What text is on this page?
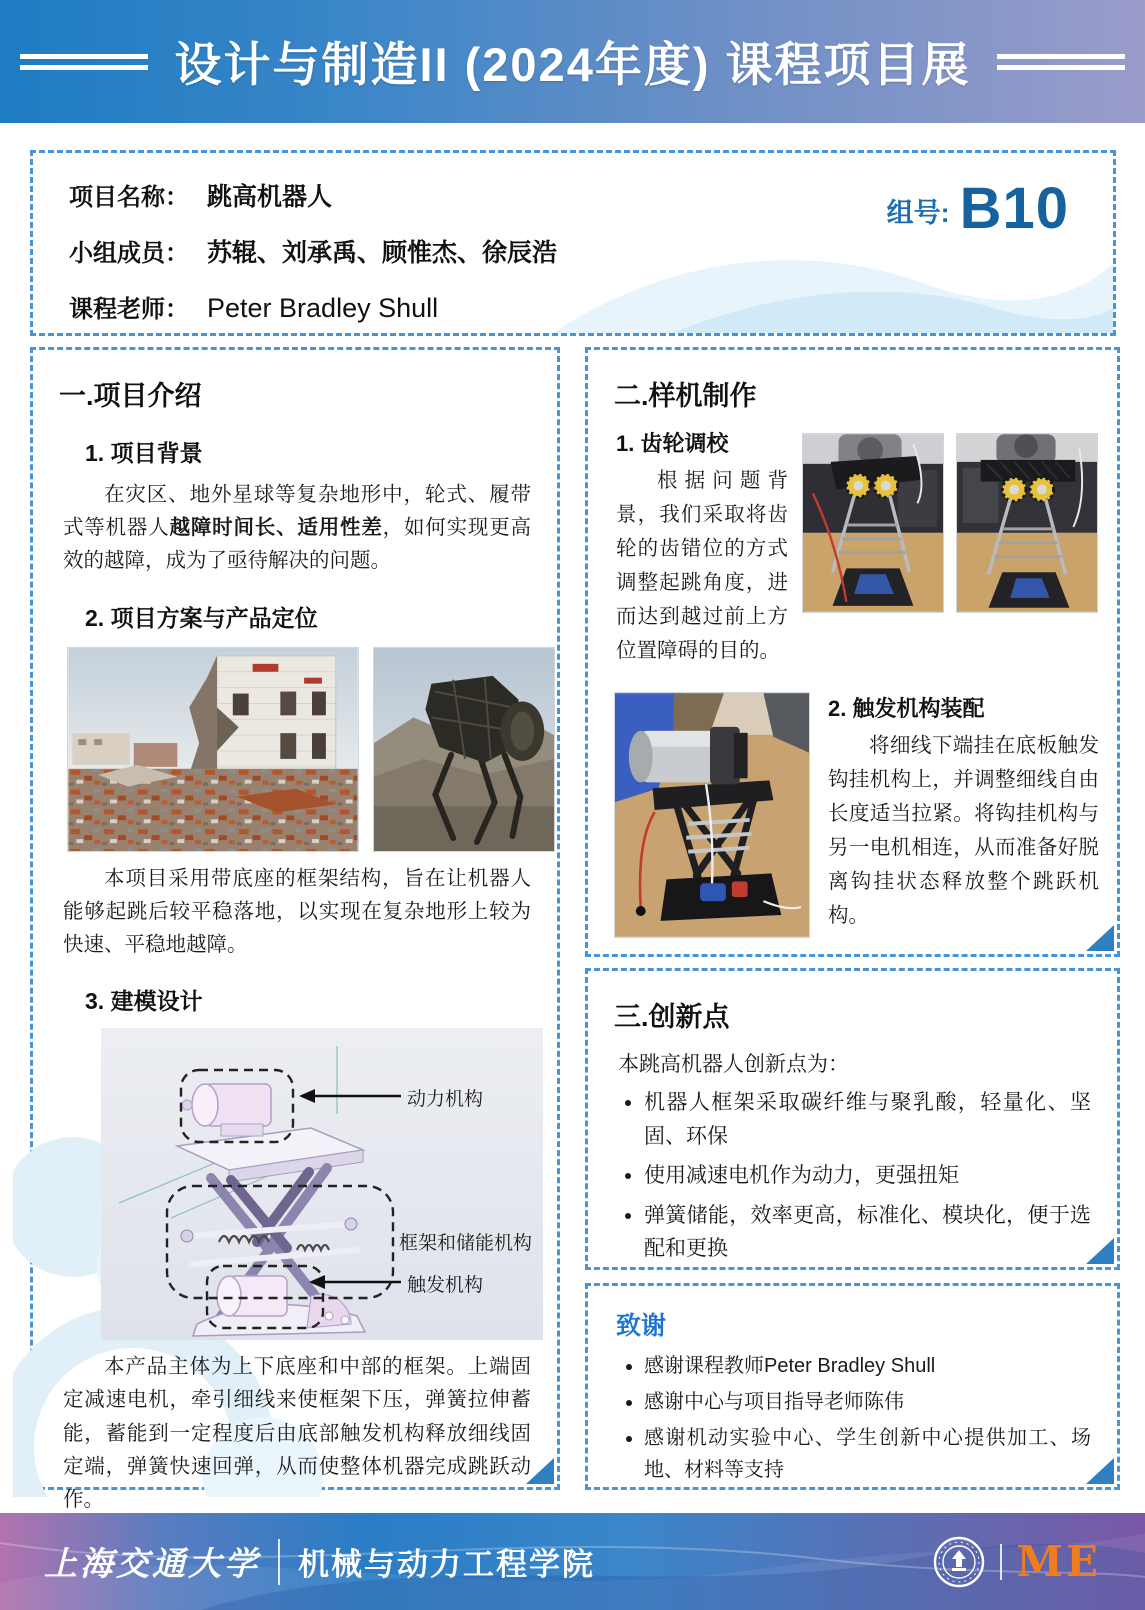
设计与制造II (2024年度) 课程项目展
项目名称： 跳高机器人
小组成员： 苏辊、刘承禹、顾惟杰、徐辰浩
课程老师： Peter Bradley Shull
组号: B10
一.项目介绍
1. 项目背景

在灾区、地外星球等复杂地形中，轮式、履带式等机器人越障时间长、适用性差，如何实现更高效的越障，成为了亟待解决的问题。

2. 项目方案与产品定位

本项目采用带底座的框架结构，旨在让机器人能够起跳后较平稳落地，以实现在复杂地形上较为快速、平稳地越障。

3. 建模设计
动力机构
框架和储能机构
触发机构

本产品主体为上下底座和中部的框架。上端固定减速电机，牵引细线来使框架下压，弹簧拉伸蓄能，蓄能到一定程度后由底部触发机构释放细线固定端，弹簧快速回弹，从而使整体机器完成跳跃动作。

二.样机制作
1. 齿轮调校

根据问题背景，我们采取将齿轮的齿错位的方式调整起跳角度，进而达到越过前上方位置障碍的目的。

2. 触发机构装配

将细线下端挂在底板触发钩挂机构上，并调整细线自由长度适当拉紧。将钩挂机构与另一电机相连，从而准备好脱离钩挂状态释放整个跳跃机构。

三.创新点

本跳高机器人创新点为：

• 机器人框架采取碳纤维与聚乳酸，轻量化、坚固、环保
• 使用减速电机作为动力，更强扭矩
• 弹簧储能，效率更高，标准化、模块化，便于选配和更换
致谢
• 感谢课程教师Peter Bradley Shull
• 感谢中心与项目指导老师陈伟
• 感谢机动实验中心、学生创新中心提供加工、场地、材料等支持
上海交通大学 机械与动力工程学院	ME
